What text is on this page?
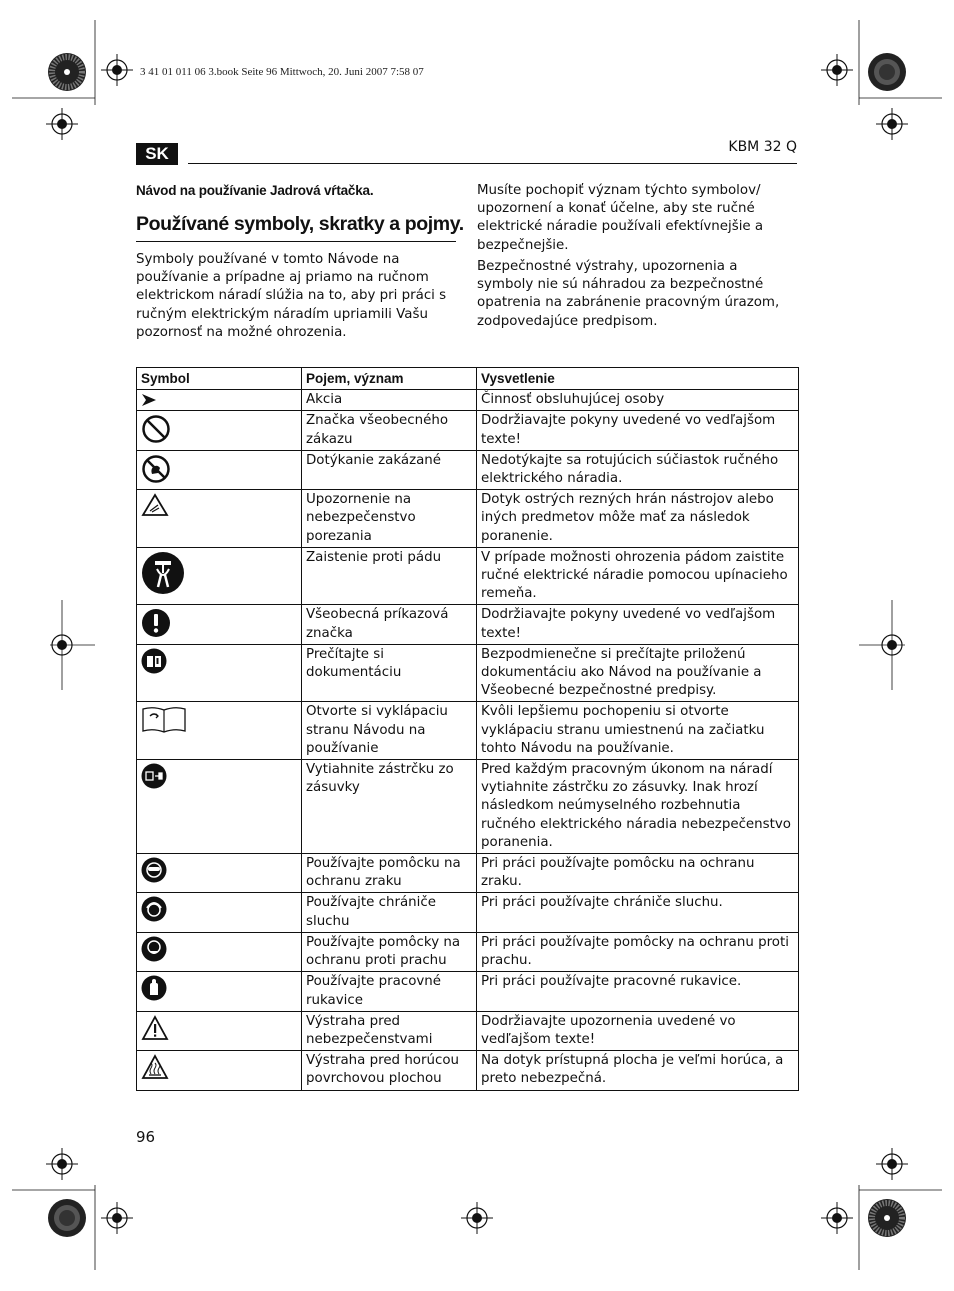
3 41 01 011 06 3.book Seite 96 Mittwoch, 20. Juni 2007 7:58 07
SK	KBM 32 Q
Návod na používanie Jadrová vŕtačka.
Používané symboly, skratky a pojmy.

Symboly používané v tomto Návode na používanie a prípadne aj priamo na ručnom elektrickom náradí slúžia na to, aby pri práci s ručným elektrickým náradím upriamili Vašu pozornosť na možné ohrozenia.

Musíte pochopiť význam týchto symbolov/ upozornení a konať účelne, aby ste ručné elektrické náradie používali efektívnejšie a bezpečnejšie.

Bezpečnostné výstrahy, upozornenia a symboly nie sú náhradou za bezpečnostné opatrenia na zabránenie pracovným úrazom, zodpovedajúce predpisom.

Symbol	Pojem, význam	Vysvetlenie

	Akcia	Činnosť obsluhujúcej osoby

	Značka všeobecného zákazu	Dodržiavajte pokyny uvedené vo vedľajšom texte!

	Dotýkanie zakázané	Nedotýkajte sa rotujúcich súčiastok ručného elektrického náradia.

	Upozornenie na nebezpečenstvo porezania	Dotyk ostrých rezných hrán nástrojov alebo iných predmetov môže mať za následok poranenie.

	Zaistenie proti pádu	V prípade možnosti ohrozenia pádom zaistite ručné elektrické náradie pomocou upínacieho remeňa.

	Všeobecná príkazová značka	Dodržiavajte pokyny uvedené vo vedľajšom texte!

	Prečítajte si dokumentáciu	Bezpodmienečne si prečítajte priloženú dokumentáciu ako Návod na používanie a Všeobecné bezpečnostné predpisy.

	Otvorte si vyklápaciu stranu Návodu na používanie	Kvôli lepšiemu pochopeniu si otvorte vyklápaciu stranu umiestnenú na začiatku tohto Návodu na používanie.

	Vytiahnite zástrčku zo zásuvky	Pred každým pracovným úkonom na náradí vytiahnite zástrčku zo zásuvky. Inak hrozí následkom neúmyselného rozbehnutia ručného elektrického náradia nebezpečenstvo poranenia.

	Používajte pomôcku na ochranu zraku	Pri práci používajte pomôcku na ochranu zraku.

	Používajte chrániče sluchu	Pri práci používajte chrániče sluchu.

	Používajte pomôcky na ochranu proti prachu	Pri práci používajte pomôcky na ochranu proti prachu.

	Používajte pracovné rukavice	Pri práci používajte pracovné rukavice.

	Výstraha pred nebezpečenstvami	Dodržiavajte upozornenia uvedené vo vedľajšom texte!

	Výstraha pred horúcou povrchovou plochou	Na dotyk prístupná plocha je veľmi horúca, a preto nebezpečná.
96
